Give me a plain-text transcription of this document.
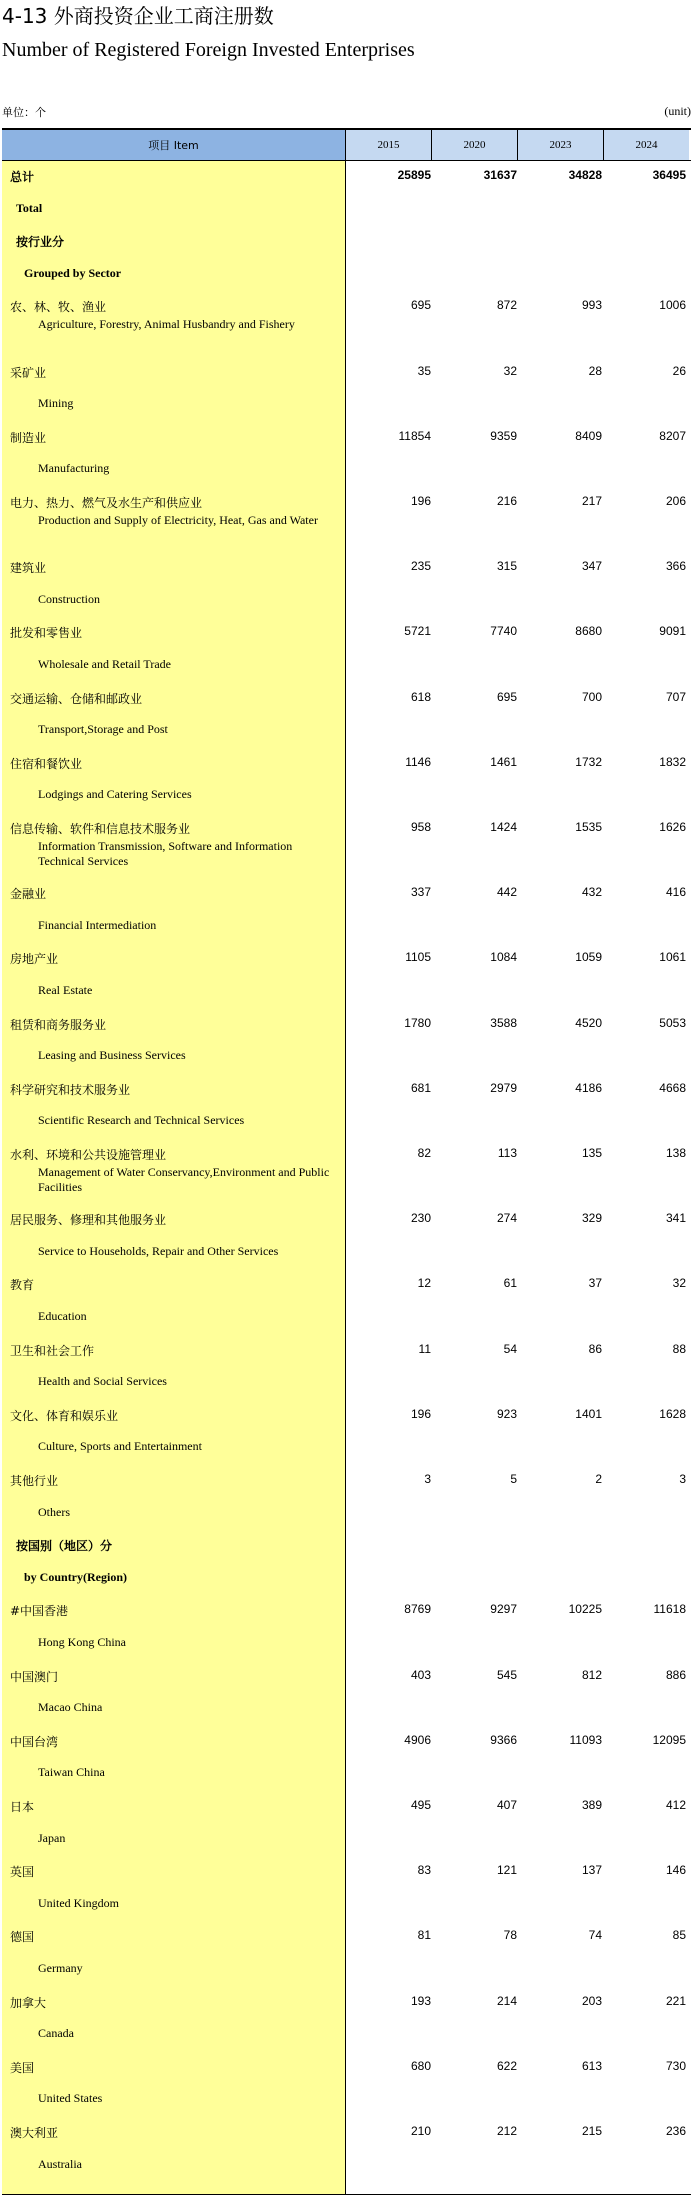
4-13 外商投资企业工商注册数
Number of Registered Foreign Invested Enterprises
单位：个	(unit)
项目 Item	2015	2020	2023	2024
总计	25895	31637	34828	36495
Total
按行业分
Grouped by Sector
农、林、牧、渔业	695	872	993	1006
Agriculture, Forestry, Animal Husbandry and Fishery
采矿业	35	32	28	26
Mining
制造业	11854	9359	8409	8207
Manufacturing
电力、热力、燃气及水生产和供应业	196	216	217	206
Production and Supply of Electricity, Heat, Gas and Water
建筑业	235	315	347	366
Construction
批发和零售业	5721	7740	8680	9091
Wholesale and Retail Trade
交通运输、仓储和邮政业	618	695	700	707
Transport,Storage and Post
住宿和餐饮业	1146	1461	1732	1832
Lodgings and Catering Services
信息传输、软件和信息技术服务业	958	1424	1535	1626
Information Transmission, Software and Information Technical Services
金融业	337	442	432	416
Financial Intermediation
房地产业	1105	1084	1059	1061
Real Estate
租赁和商务服务业	1780	3588	4520	5053
Leasing and Business Services
科学研究和技术服务业	681	2979	4186	4668
Scientific Research and Technical Services
水利、环境和公共设施管理业	82	113	135	138
Management of Water Conservancy,Environment and Public Facilities
居民服务、修理和其他服务业	230	274	329	341
Service to Households, Repair and Other Services
教育	12	61	37	32
Education
卫生和社会工作	11	54	86	88
Health and Social Services
文化、体育和娱乐业	196	923	1401	1628
Culture, Sports and Entertainment
其他行业	3	5	2	3
Others
按国别（地区）分
by Country(Region)
#中国香港	8769	9297	10225	11618
Hong Kong China
中国澳门	403	545	812	886
Macao China
中国台湾	4906	9366	11093	12095
Taiwan China
日本	495	407	389	412
Japan
英国	83	121	137	146
United Kingdom
德国	81	78	74	85
Germany
加拿大	193	214	203	221
Canada
美国	680	622	613	730
United States
澳大利亚	210	212	215	236
Australia
